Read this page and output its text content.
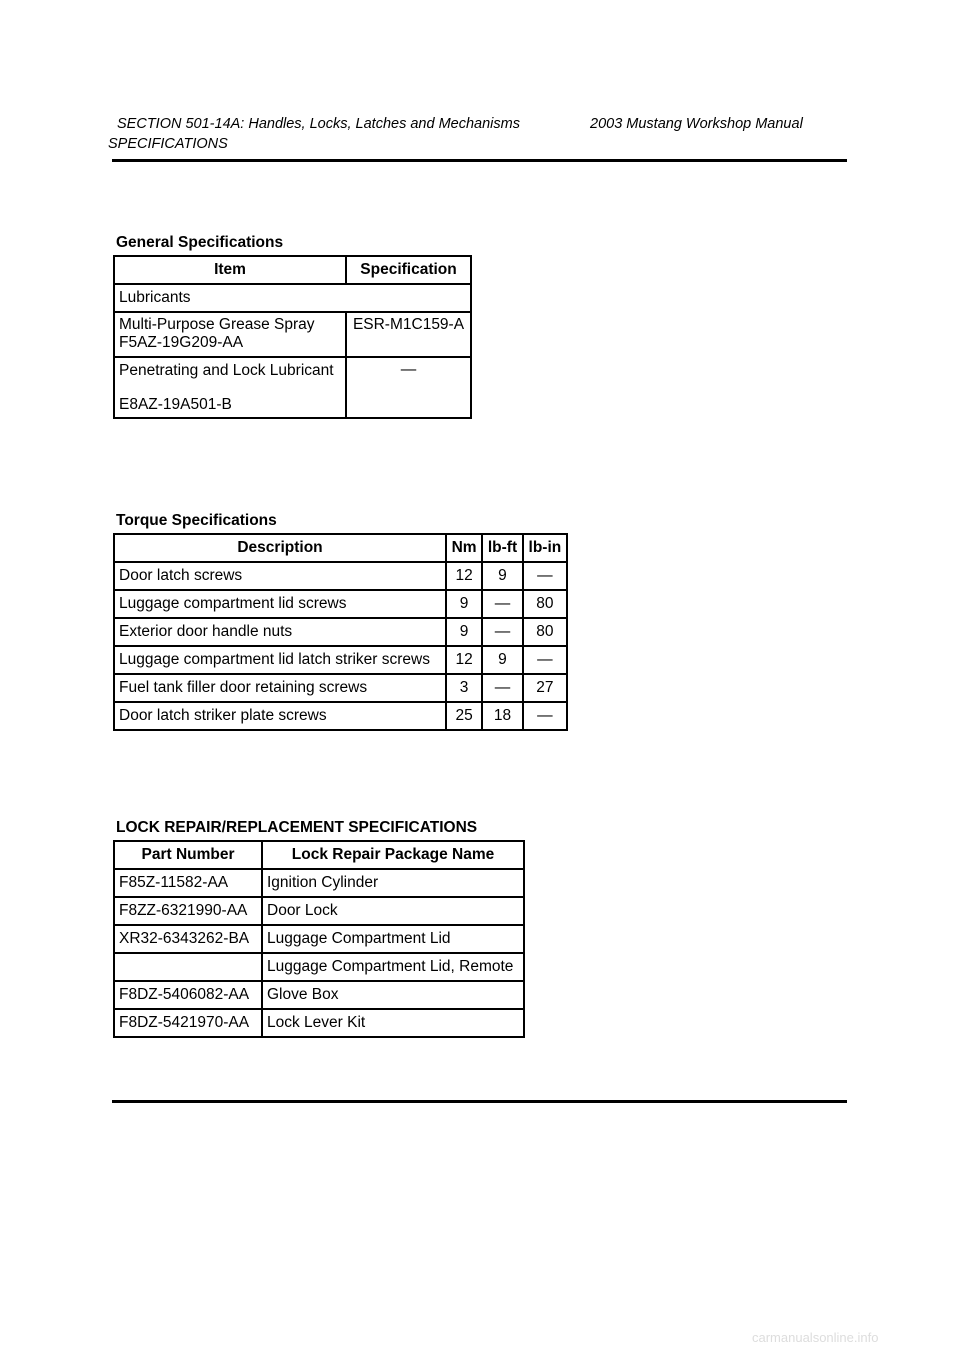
SECTION 501-14A: Handles, Locks, Latches and Mechanisms	2003 Mustang Workshop Manual
SPECIFICATIONS
General Specifications
Item	Specification
Lubricants	

Multi-Purpose Grease Spray
F5AZ-19G209-AA	ESR-M1C159-A

Penetrating and Lock Lubricant
E8AZ-19A501-B	—
Torque Specifications
Description	Nm	lb-ft	lb-in
Door latch screws	12	9	—
Luggage compartment lid screws	9	—	80
Exterior door handle nuts	9	—	80
Luggage compartment lid latch striker screws	12	9	—
Fuel tank filler door retaining screws	3	—	27
Door latch striker plate screws	25	18	—
LOCK REPAIR/REPLACEMENT SPECIFICATIONS
Part Number	Lock Repair Package Name
F85Z-11582-AA	Ignition Cylinder
F8ZZ-6321990-AA	Door Lock
XR32-6343262-BA	Luggage Compartment Lid
	Luggage Compartment Lid, Remote
F8DZ-5406082-AA	Glove Box
F8DZ-5421970-AA	Lock Lever Kit
carmanualsonline.info
